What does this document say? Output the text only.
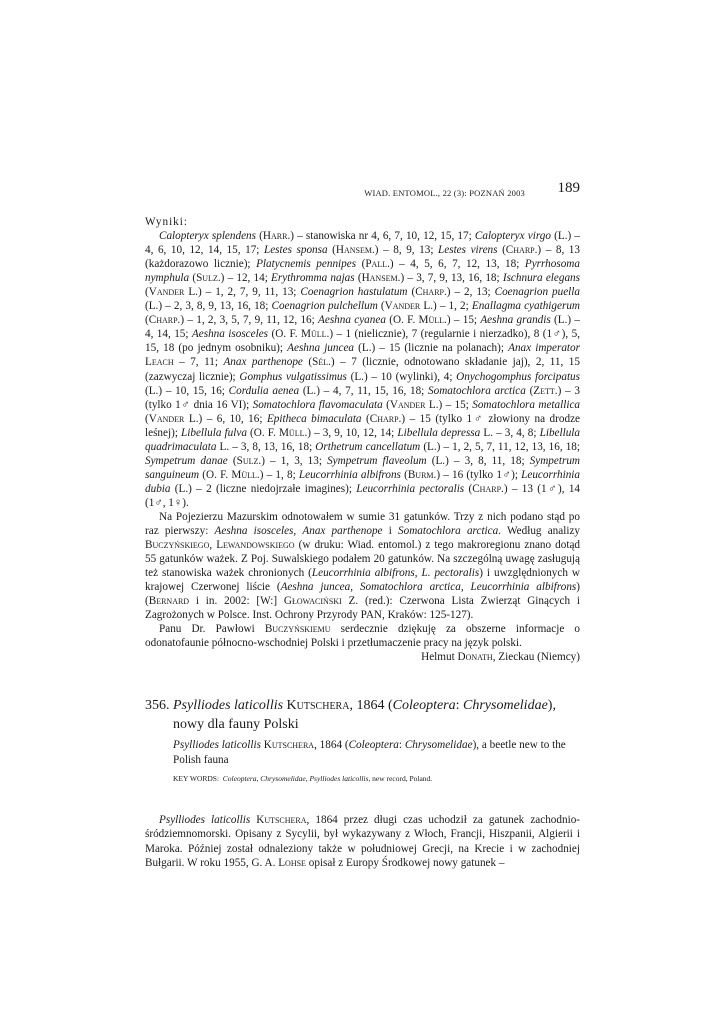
WIAD. ENTOMOL., 22 (3): POZNAŃ 2003 189

Wyniki:

Calopteryx splendens (Harr.) – stanowiska nr 4, 6, 7, 10, 12, 15, 17; Calopteryx virgo (L.) – 4, 6, 10, 12, 14, 15, 17; Lestes sponsa (Hansem.) – 8, 9, 13; Lestes virens (Charp.) – 8, 13 (każdorazowo licznie); Platycnemis pennipes (Pall.) – 4, 5, 6, 7, 12, 13, 18; Pyrrhosoma nymphula (Sulz.) – 12, 14; Erythromma najas (Hansem.) – 3, 7, 9, 13, 16, 18; Ischnura elegans (Vander L.) – 1, 2, 7, 9, 11, 13; Coenagrion hastulatum (Charp.) – 2, 13; Coenagrion puella (L.) – 2, 3, 8, 9, 13, 16, 18; Coenagrion pulchellum (Vander L.) – 1, 2; Enallagma cyathigerum (Charp.) – 1, 2, 3, 5, 7, 9, 11, 12, 16; Aeshna cyanea (O. F. Müll.) – 15; Aeshna grandis (L.) – 4, 14, 15; Aeshna isosceles (O. F. Müll.) – 1 (nielicznie), 7 (regularnie i nierzadko), 8 (1♂), 5, 15, 18 (po jednym osobniku); Aeshna juncea (L.) – 15 (licznie na polanach); Anax imperator Leach – 7, 11; Anax parthenope (Sél.) – 7 (licznie, odnotowano składanie jaj), 2, 11, 15 (zazwyczaj licznie); Gomphus vulgatissimus (L.) – 10 (wylinki), 4; Onychogomphus forcipatus (L.) – 10, 15, 16; Cordulia aenea (L.) – 4, 7, 11, 15, 16, 18; Somatochlora arctica (Zett.) – 3 (tylko 1♂ dnia 16 VI); Somatochlora flavomaculata (Vander L.) – 15; Somatochlora metallica (Vander L.) – 6, 10, 16; Epitheca bimaculata (Charp.) – 15 (tylko 1♂ złowiony na drodze leśnej); Libellula fulva (O. F. Müll.) – 3, 9, 10, 12, 14; Libellula depressa L. – 3, 4, 8; Libellula quadrimaculata L. – 3, 8, 13, 16, 18; Orthetrum cancellatum (L.) – 1, 2, 5, 7, 11, 12, 13, 16, 18; Sympetrum danae (Sulz.) – 1, 3, 13; Sympetrum flaveolum (L.) – 3, 8, 11, 18; Sympetrum sanguineum (O. F. Müll.) – 1, 8; Leucorrhinia albifrons (Burm.) – 16 (tylko 1♂); Leucorrhinia dubia (L.) – 2 (liczne niedojrzałe imagines); Leucorrhinia pectoralis (Charp.) – 13 (1♂), 14 (1♂, 1♀).

Na Pojezierzu Mazurskim odnotowałem w sumie 31 gatunków. Trzy z nich podano stąd po raz pierwszy: Aeshna isosceles, Anax parthenope i Somatochlora arctica. Według analizy Buczyńskiego, Lewandowskiego (w druku: Wiad. entomol.) z tego makroregionu znano dotąd 55 gatunków ważek. Z Poj. Suwalskiego podałem 20 gatunków. Na szczególną uwagę zasługują też stanowiska ważek chronionych (Leucorrhinia albifrons, L. pectoralis) i uwzględnionych w krajowej Czerwonej liście (Aeshna juncea, Somatochlora arctica, Leucorrhinia albifrons) (Bernard i in. 2002: [W:] Głowaciński Z. (red.): Czerwona Lista Zwierząt Ginących i Zagrożonych w Polsce. Inst. Ochrony Przyrody PAN, Kraków: 125-127).

Panu Dr. Pawłowi Buczyńskiemu serdecznie dziękuję za obszerne informacje o odonatofaunie północno-wschodniej Polski i przetłumaczenie pracy na język polski.

Helmut Donath, Zieckau (Niemcy)

356. Psylliodes laticollis Kutschera, 1864 (Coleoptera: Chrysomelidae),
nowy dla fauny Polski
Psylliodes laticollis Kutschera, 1864 (Coleoptera: Chrysomelidae), a beetle new to the Polish fauna
KEY WORDS:  Coleoptera, Chrysomelidae, Psylliodes laticollis, new record, Poland.

Psylliodes laticollis Kutschera, 1864 przez długi czas uchodził za gatunek zachodnio-śródziemnomorski. Opisany z Sycylii, był wykazywany z Włoch, Francji, Hiszpanii, Algierii i Maroka. Później został odnaleziony także w południowej Grecji, na Krecie i w zachodniej Bułgarii. W roku 1955, G. A. Lohse opisał z Europy Środkowej nowy gatunek –
